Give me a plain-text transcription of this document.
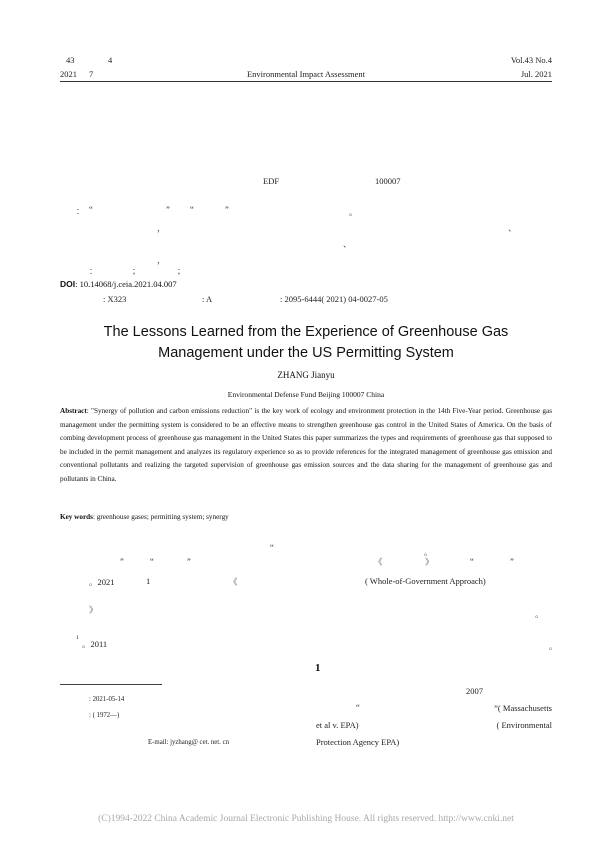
43	4
2021 7	Environmental Impact Assessment
Vol.43 No.4
Jul. 2021
EDF	100007
： “	” “	”	。
，	、
、
，
：	；	；
DOI: 10.14068/j.ceia.2021.04.007
: X323	: A	: 2095-6444( 2021) 04-0027-05
The Lessons Learned from the Experience of Greenhouse Gas Management under the US Permitting System
ZHANG Jianyu
Environmental Defense Fund Beijing 100007 China
Abstract: "Synergy of pollution and carbon emissions reduction" is the key work of ecology and environment protection in the 14th Five-Year period. Greenhouse gas management under the permitting system is considered to be an effective means to strengthen greenhouse gas control in the United States of America. On the basis of combing development process of greenhouse gas management in the United States this paper summarizes the types and requirements of greenhouse gas that supposed to be included in the permit management and analyzes its regulatory experience so as to provide references for the integrated management of greenhouse gas emission and conventional pollutants and realizing the targeted supervision of greenhouse gas emission sources and the data sharing for the management of greenhouse gas and pollutants in China.
Key words: greenhouse gases; permitting system; synergy
“	。
”	“	”	《	》	“	”
。2021	1	《	( Whole-of-Government Approach)
》	。
1
。2011	。
1
2007
“	”( Massachusetts
et al v. EPA)	( Environmental
Protection Agency EPA)
: 2021-05-14
: ( 1972—)
E-mail: jyzhang@ cet. net. cn
(C)1994-2022 China Academic Journal Electronic Publishing House. All rights reserved. http://www.cnki.net
